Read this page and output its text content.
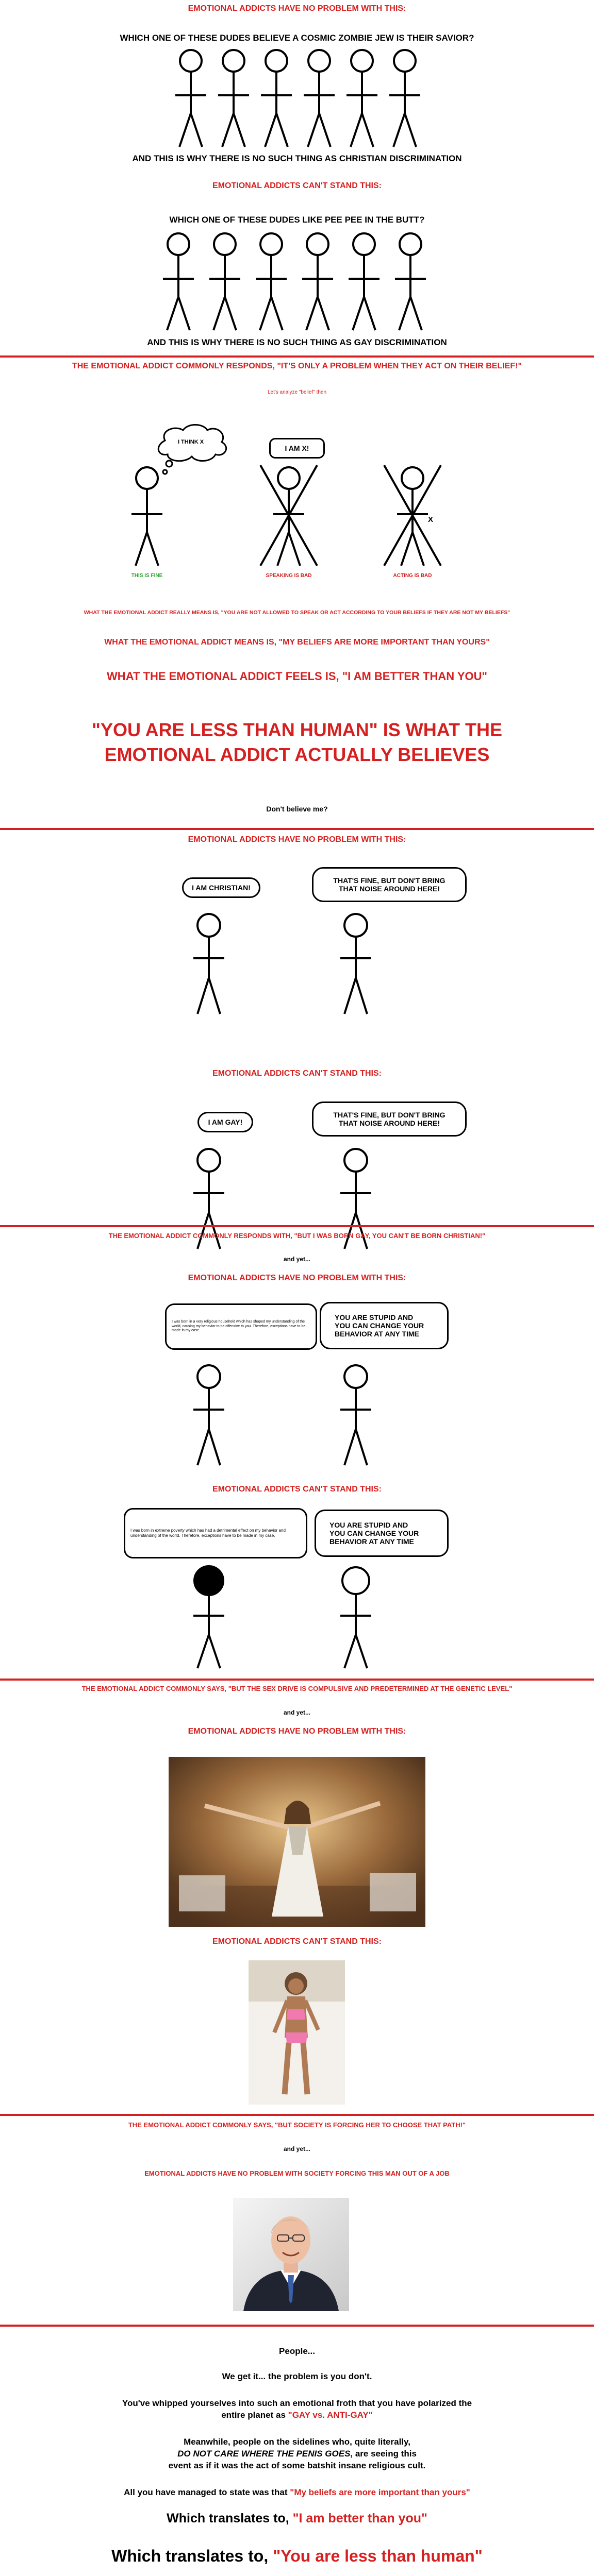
EMOTIONAL ADDICTS HAVE NO PROBLEM WITH THIS:
WHICH ONE OF THESE DUDES BELIEVE A COSMIC ZOMBIE JEW IS THEIR SAVIOR?
AND THIS IS WHY THERE IS NO SUCH THING AS CHRISTIAN DISCRIMINATION
EMOTIONAL ADDICTS CAN'T STAND THIS:
WHICH ONE OF THESE DUDES LIKE PEE PEE IN THE BUTT?
AND THIS IS WHY THERE IS NO SUCH THING AS GAY DISCRIMINATION
THE EMOTIONAL ADDICT COMMONLY RESPONDS, "IT'S ONLY A PROBLEM WHEN THEY ACT ON THEIR BELIEF!"
Let's analyze "belief" then
I THINK X
I AM X!
X
THIS IS FINE	SPEAKING IS BAD	ACTING IS BAD
WHAT THE EMOTIONAL ADDICT REALLY MEANS IS, "YOU ARE NOT ALLOWED TO SPEAK OR ACT ACCORDING TO YOUR BELIEFS IF THEY ARE NOT MY BELIEFS"
WHAT THE EMOTIONAL ADDICT MEANS IS, "MY BELIEFS ARE MORE IMPORTANT THAN YOURS"
WHAT THE EMOTIONAL ADDICT FEELS IS, "I AM BETTER THAN YOU"
"YOU ARE LESS THAN HUMAN" IS WHAT THE
EMOTIONAL ADDICT ACTUALLY BELIEVES
Don't believe me?
EMOTIONAL ADDICTS HAVE NO PROBLEM WITH THIS:
I AM CHRISTIAN!
THAT'S FINE, BUT DON'T BRING
THAT NOISE AROUND HERE!
EMOTIONAL ADDICTS CAN'T STAND THIS:
I AM GAY!
THAT'S FINE, BUT DON'T BRING
THAT NOISE AROUND HERE!
THE EMOTIONAL ADDICT COMMONLY RESPONDS WITH, "BUT I WAS BORN GAY, YOU CAN'T BE BORN CHRISTIAN!"
and yet...
EMOTIONAL ADDICTS HAVE NO PROBLEM WITH THIS:
I was born in a very religious household which has shaped my understanding of the world, causing my behavior to be offensive to you. Therefore, exceptions have to be made in my case.
YOU ARE STUPID AND
YOU CAN CHANGE YOUR
BEHAVIOR AT ANY TIME
EMOTIONAL ADDICTS CAN'T STAND THIS:
I was born in extreme poverty which has had a detrimental effect on my behavior and understanding of the world. Therefore, exceptions have to be made in my case.
YOU ARE STUPID AND
YOU CAN CHANGE YOUR
BEHAVIOR AT ANY TIME
THE EMOTIONAL ADDICT COMMONLY SAYS, "BUT THE SEX DRIVE IS COMPULSIVE AND PREDETERMINED AT THE GENETIC LEVEL"
and yet...
EMOTIONAL ADDICTS HAVE NO PROBLEM WITH THIS:
EMOTIONAL ADDICTS CAN'T STAND THIS:
THE EMOTIONAL ADDICT COMMONLY SAYS, "BUT SOCIETY IS FORCING HER TO CHOOSE THAT PATH!"
and yet...
EMOTIONAL ADDICTS HAVE NO PROBLEM WITH SOCIETY FORCING THIS MAN OUT OF A JOB
People...
We get it... the problem is you don't.
You've whipped yourselves into such an emotional froth that you have polarized the
entire planet as "GAY vs. ANTI-GAY"
Meanwhile, people on the sidelines who, quite literally,
DO NOT CARE WHERE THE PENIS GOES, are seeing this
event as if it was the act of some batshit insane religious cult.
All you have managed to state was that "My beliefs are more important than yours"
Which translates to, "I am better than you"
Which translates to, "You are less than human"
